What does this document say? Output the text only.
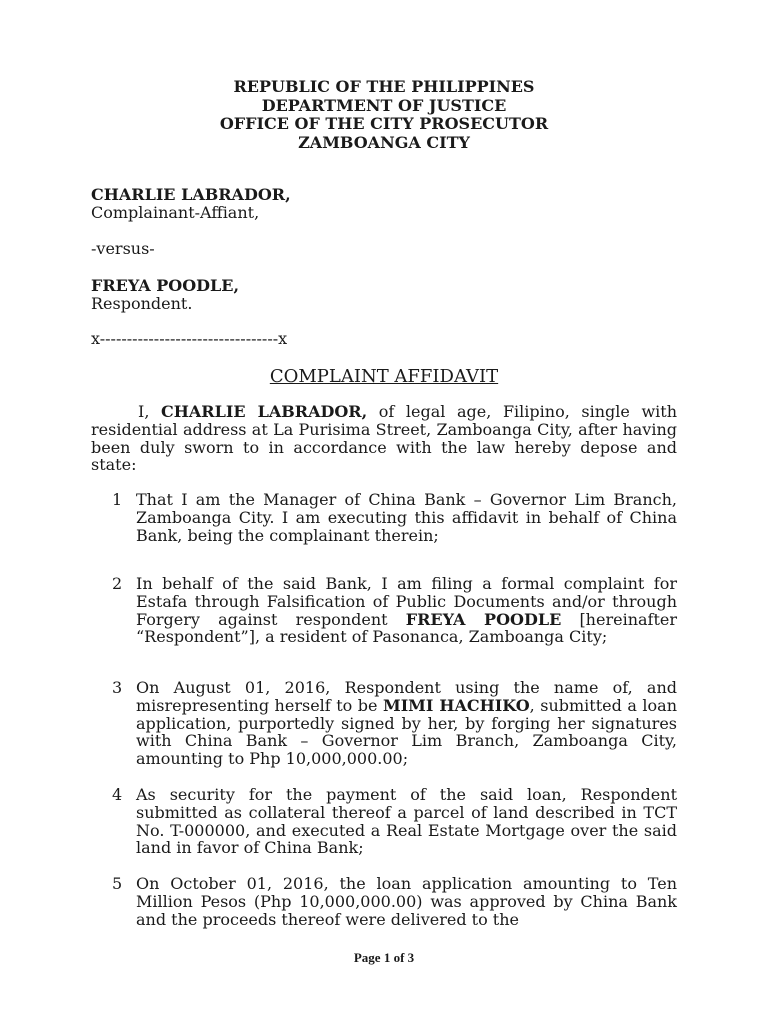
REPUBLIC OF THE PHILIPPINES
DEPARTMENT OF JUSTICE
OFFICE OF THE CITY PROSECUTOR
ZAMBOANGA CITY
CHARLIE LABRADOR,
Complainant-Affiant,
-versus-
FREYA POODLE,
Respondent.
x---------------------------------x
COMPLAINT AFFIDAVIT
I, CHARLIE LABRADOR, of legal age, Filipino, single with residential address at La Purisima Street, Zamboanga City, after having been duly sworn to in accordance with the law hereby depose and state:
1 That I am the Manager of China Bank – Governor Lim Branch, Zamboanga City. I am executing this affidavit in behalf of China Bank, being the complainant therein;
2 In behalf of the said Bank, I am filing a formal complaint for Estafa through Falsification of Public Documents and/or through Forgery against respondent FREYA POODLE [hereinafter “Respondent”], a resident of Pasonanca, Zamboanga City;
3 On August 01, 2016, Respondent using the name of, and misrepresenting herself to be MIMI HACHIKO, submitted a loan application, purportedly signed by her, by forging her signatures with China Bank – Governor Lim Branch, Zamboanga City, amounting to Php 10,000,000.00;
4 As security for the payment of the said loan, Respondent submitted as collateral thereof a parcel of land described in TCT No. T-000000, and executed a Real Estate Mortgage over the said land in favor of China Bank;
5 On October 01, 2016, the loan application amounting to Ten Million Pesos (Php 10,000,000.00) was approved by China Bank and the proceeds thereof were delivered to the
Page 1 of 3
